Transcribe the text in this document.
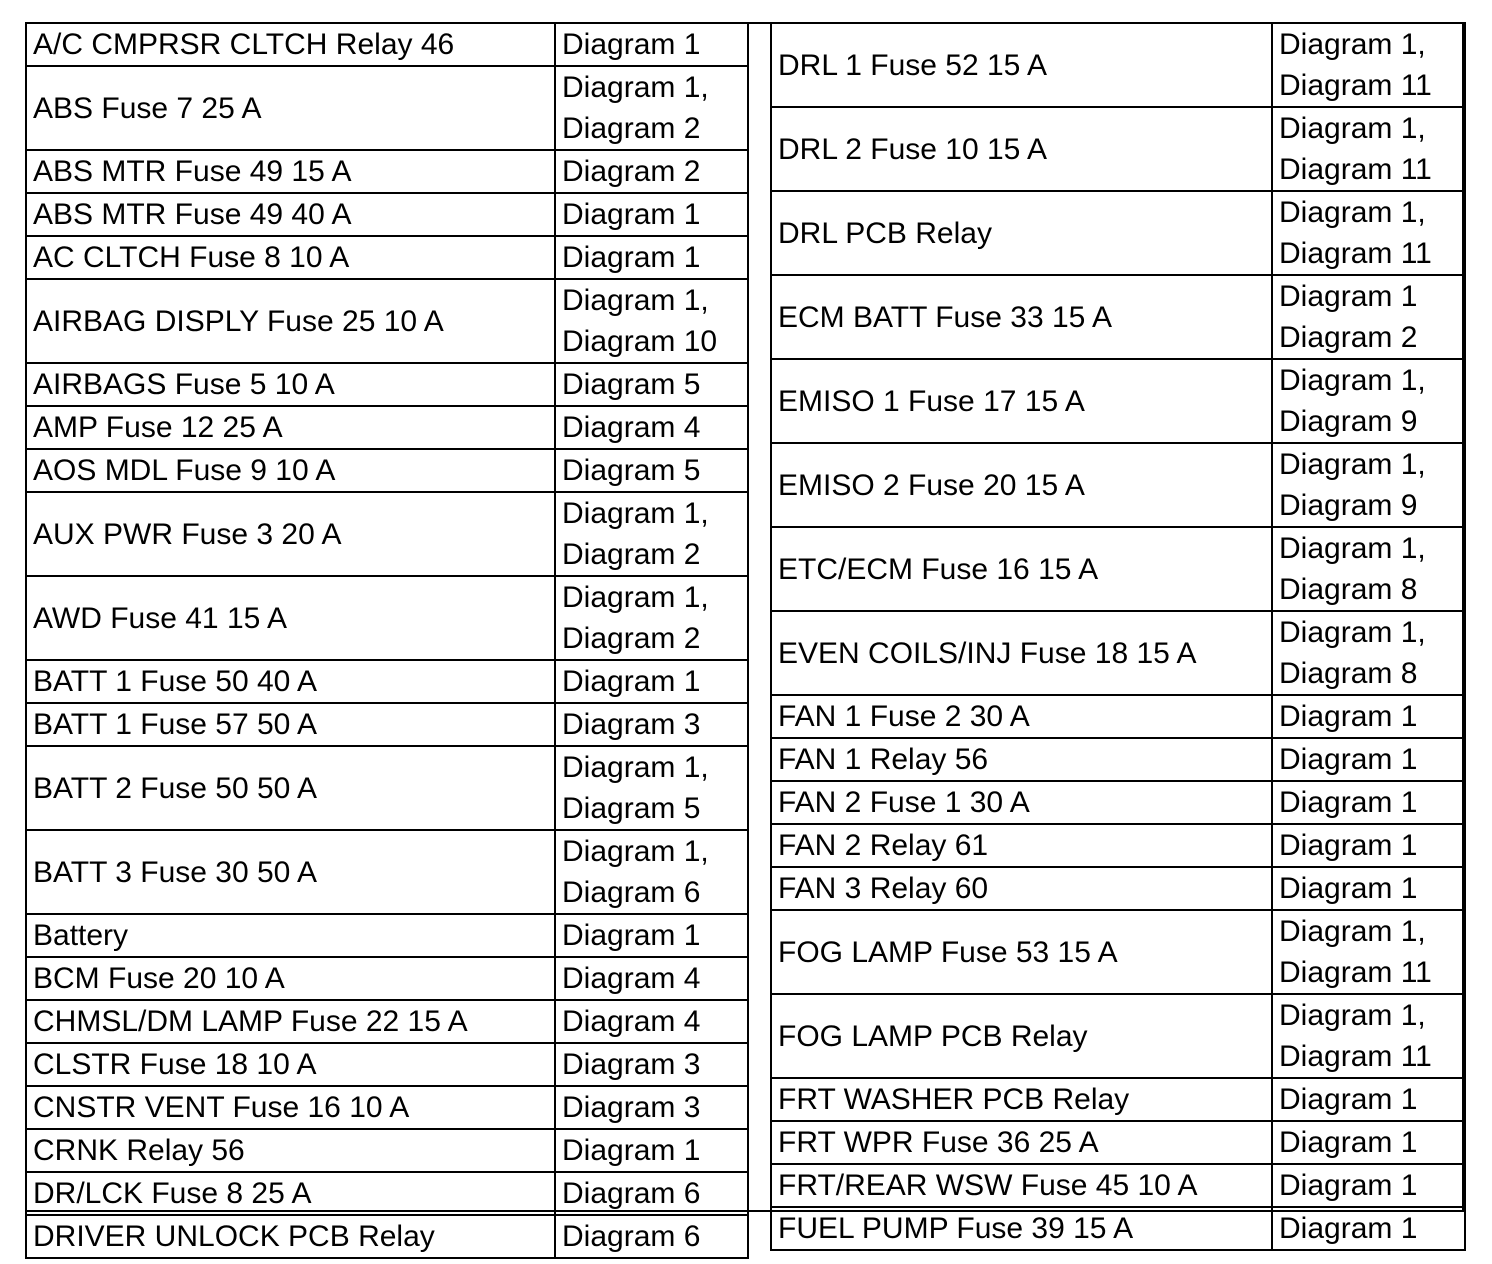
A/C CMPRSR CLTCH Relay 46	Diagram 1

ABS Fuse 7 25 A	Diagram 1,
Diagram 2

ABS MTR Fuse 49 15 A	Diagram 2

ABS MTR Fuse 49 40 A	Diagram 1

AC CLTCH Fuse 8 10 A	Diagram 1

AIRBAG DISPLY Fuse 25 10 A	Diagram 1,
Diagram 10

AIRBAGS Fuse 5 10 A	Diagram 5

AMP Fuse 12 25 A	Diagram 4

AOS MDL Fuse 9 10 A	Diagram 5

AUX PWR Fuse 3 20 A	Diagram 1,
Diagram 2

AWD Fuse 41 15 A	Diagram 1,
Diagram 2

BATT 1 Fuse 50 40 A	Diagram 1

BATT 1 Fuse 57 50 A	Diagram 3

BATT 2 Fuse 50 50 A	Diagram 1,
Diagram 5

BATT 3 Fuse 30 50 A	Diagram 1,
Diagram 6

Battery	Diagram 1

BCM Fuse 20 10 A	Diagram 4

CHMSL/DM LAMP Fuse 22 15 A	Diagram 4

CLSTR Fuse 18 10 A	Diagram 3

CNSTR VENT Fuse 16 10 A	Diagram 3

CRNK Relay 56	Diagram 1

DR/LCK Fuse 8 25 A	Diagram 6

DRIVER UNLOCK PCB Relay	Diagram 6
DRL 1 Fuse 52 15 A	Diagram 1,
Diagram 11

DRL 2 Fuse 10 15 A	Diagram 1,
Diagram 11

DRL PCB Relay	Diagram 1,
Diagram 11

ECM BATT Fuse 33 15 A	Diagram 1
Diagram 2

EMISO 1 Fuse 17 15 A	Diagram 1,
Diagram 9

EMISO 2 Fuse 20 15 A	Diagram 1,
Diagram 9

ETC/ECM Fuse 16 15 A	Diagram 1,
Diagram 8

EVEN COILS/INJ Fuse 18 15 A	Diagram 1,
Diagram 8

FAN 1 Fuse 2 30 A	Diagram 1

FAN 1 Relay 56	Diagram 1

FAN 2 Fuse 1 30 A	Diagram 1

FAN 2 Relay 61	Diagram 1

FAN 3 Relay 60	Diagram 1

FOG LAMP Fuse 53 15 A	Diagram 1,
Diagram 11

FOG LAMP PCB Relay	Diagram 1,
Diagram 11

FRT WASHER PCB Relay	Diagram 1

FRT WPR Fuse 36 25 A	Diagram 1

FRT/REAR WSW Fuse 45 10 A	Diagram 1

FUEL PUMP Fuse 39 15 A	Diagram 1
